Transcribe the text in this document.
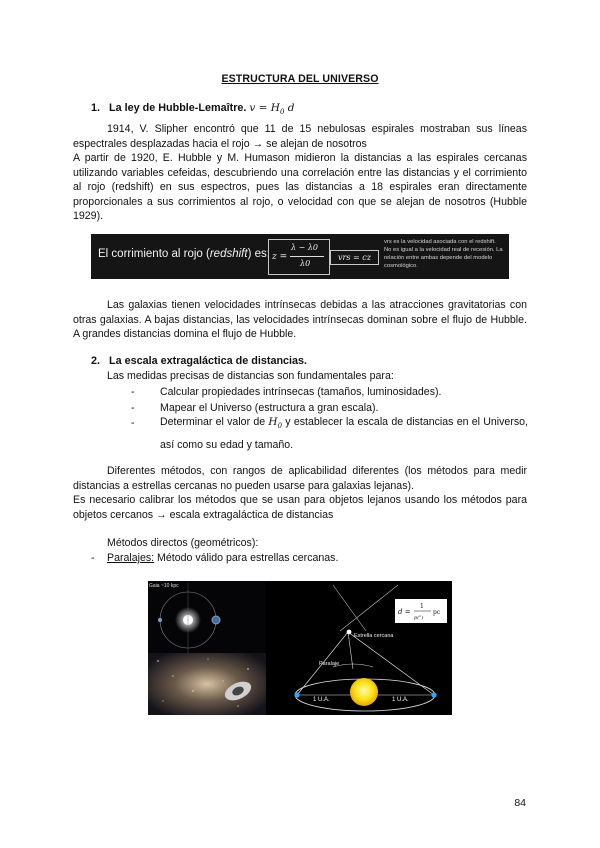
ESTRUCTURA DEL UNIVERSO
1. La ley de Hubble-Lemaître. $v = H_0$ d
1914, V. Slipher encontró que 11 de 15 nebulosas espirales mostraban sus líneas espectrales desplazadas hacia el rojo → se alejan de nosotros
A partir de 1920, E. Hubble y M. Humason midieron la distancias a las espirales cercanas utilizando variables cefeidas, descubriendo una correlación entre las distancias y el corrimiento al rojo (redshift) en sus espectros, pues las distancias a 18 espirales eran directamente proporcionales a sus corrimientos al rojo, o velocidad con que se alejan de nosotros (Hubble 1929).
El corrimiento al rojo (redshift) es: z =
λ − λ0
λ0
vrs = cz
vrs es la velocidad asociada con el redshift. No es igual a la velocidad real de recesión. La relación entre ambas depende del modelo cosmológico.
Las galaxias tienen velocidades intrínsecas debidas a las atracciones gravitatorias con otras galaxias. A bajas distancias, las velocidades intrínsecas dominan sobre el flujo de Hubble. A grandes distancias domina el flujo de Hubble.
2. La escala extragaláctica de distancias.
Las medidas precisas de distancias son fundamentales para:
- Calcular propiedades intrínsecas (tamaños, luminosidades).
- Mapear el Universo (estructura a gran escala).
- Determinar el valor de $H_0$ y establecer la escala de distancias en el Universo, así como su edad y tamaño.
Diferentes métodos, con rangos de aplicabilidad diferentes (los métodos para medir distancias a estrellas cercanas no pueden usarse para galaxias lejanas).
Es necesario calibrar los métodos que se usan para objetos lejanos usando los métodos para objetos cercanos → escala extragaláctica de distancias
Métodos directos (geométricos):
- Paralajes: Método válido para estrellas cercanas.
Gaia ~10 kpc
Estrella cercana
Paralaje
1 U.A.	1 U.A.
d =
1
p(")
pc
84
